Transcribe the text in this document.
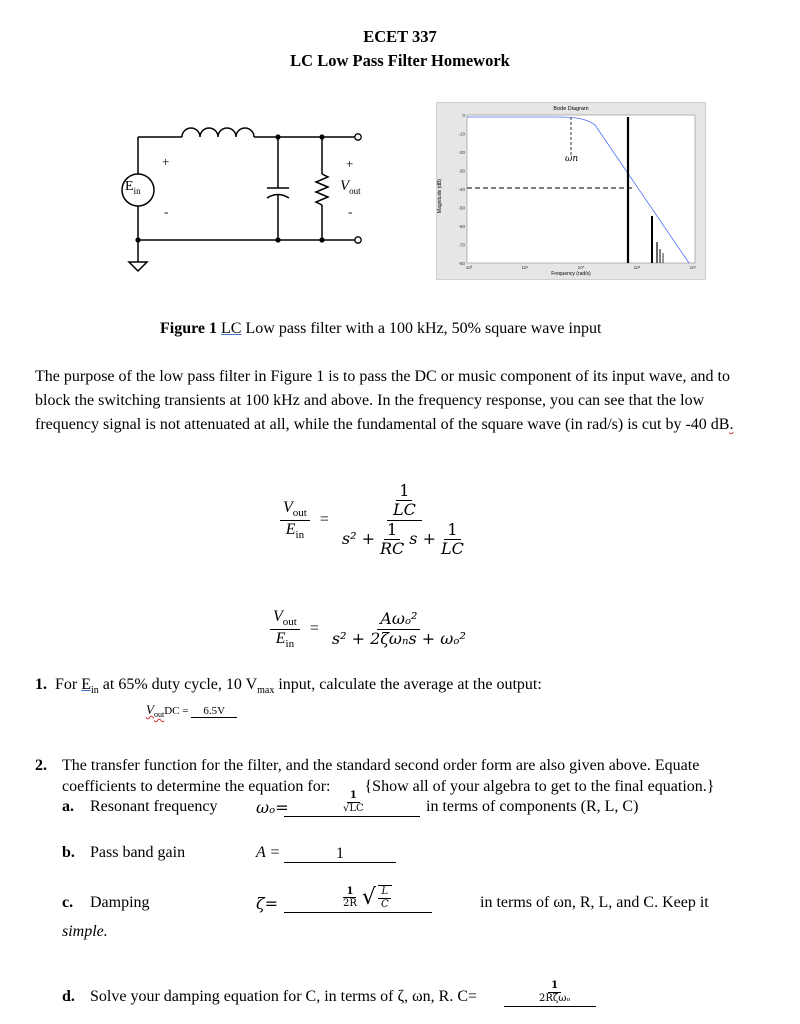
ECET 337
LC Low Pass Filter Homework
$E_{in}$
+
-
+
-
$V_{out}$
Bode Diagram
Magnitude (dB)
Frequency (rad/s)
0
-10
-20
-30
-40
-50
-60
-70
-80
10³	10⁴	10⁵	10⁶	10⁷
ωn
Figure 1 LC Low pass filter with a 100 kHz, 50% square wave input
The purpose of the low pass filter in Figure 1 is to pass the DC or music component of its input wave, and to block the switching transients at 100 kHz and above. In the frequency response, you can see that the low frequency signal is not attenuated at all, while the fundamental of the square wave (in rad/s) is cut by -40 dB.
$\frac{V_{out}}{E_{in}} = \frac{\frac{1}{LC}}{s^2 + \frac{1}{RC} s + \frac{1}{LC}}$
$\frac{V_{out}}{E_{in}} = \frac{\text{Aωₒ²}}{\text{s² + 2ζωₙs + ωₒ²}}$
1. For $E_{in}$ at 65% duty cycle, 10 $V_{max}$ input, calculate the average at the output:
$V_{out}DC = 6.5V$
2. The transfer function for the filter, and the standard second order form are also given above. Equate
coefficients to determine the equation for: {Show all of your algebra to get to the final equation.}
a. Resonant frequency ωₒ=	$\frac{1}{√LC}$	in terms of components (R, L, C)
b. Pass band gain	A =	1
c. Damping	ζ=	$\frac{1}{2R}$ √ $\frac{L}{C}$	in terms of ωn, R, L, and C. Keep it
simple.
d. Solve your damping equation for C, in terms of ζ, ωn, R. C=
1
2Rζωₒ
